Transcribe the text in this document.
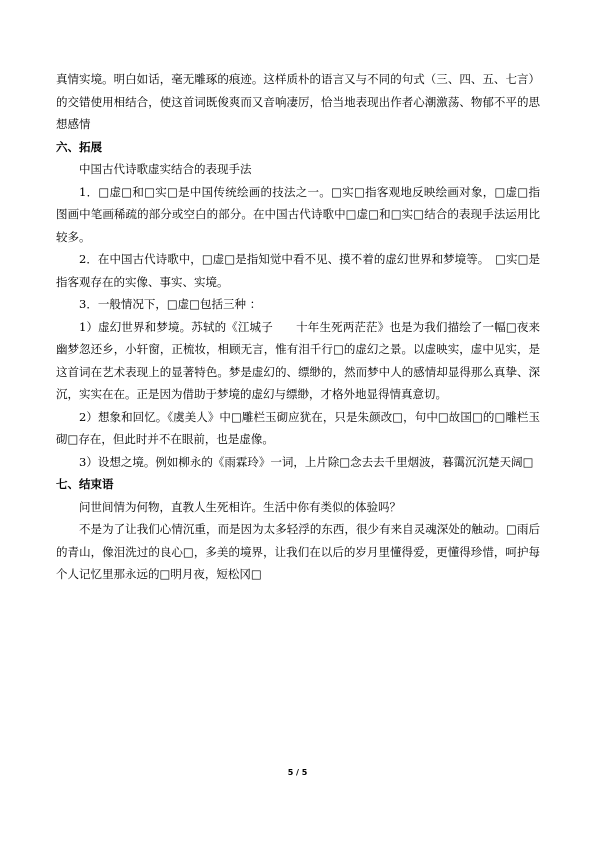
真情实境。明白如话，毫无雕琢的痕迹。这样质朴的语言又与不同的句式（三、四、五、七言）的交错使用相结合，使这首词既俊爽而又音响凄厉，恰当地表现出作者心潮激荡、物郁不平的思想感情

六、拓展

中国古代诗歌虚实结合的表现手法

1．□虚□和□实□是中国传统绘画的技法之一。□实□指客观地反映绘画对象，□虚□指图画中笔画稀疏的部分或空白的部分。在中国古代诗歌中□虚□和□实□结合的表现手法运用比较多。

2．在中国古代诗歌中，□虚□是指知觉中看不见、摸不着的虚幻世界和梦境等。　□实□是指客观存在的实像、事实、实境。

3．一般情况下，□虚□包括三种 ：

1）虚幻世界和梦境。苏轼的《江城子　　十年生死两茫茫》也是为我们描绘了一幅□夜来幽梦忽还乡，小轩窗，正梳妆，相顾无言，惟有泪千行□的虚幻之景。以虚映实，虚中见实，是这首词在艺术表现上的显著特色。梦是虚幻的、缥缈的，然而梦中人的感情却显得那么真挚、深沉，实实在在。正是因为借助于梦境的虚幻与缥缈，才格外地显得情真意切。

2）想象和回忆。《虞美人》中□雕栏玉砌应犹在，只是朱颜改□，句中□故国□的□雕栏玉砌□存在，但此时并不在眼前，也是虚像。

3）设想之境。例如柳永的《雨霖玲》一词，上片除□念去去千里烟波，暮霭沉沉楚天阔□

七、结束语

问世间情为何物，直教人生死相许。生活中你有类似的体验吗？

不是为了让我们心情沉重，而是因为太多轻浮的东西，很少有来自灵魂深处的触动。□雨后的青山，像泪洗过的良心□，多美的境界，让我们在以后的岁月里懂得爱，更懂得珍惜，呵护每个人记忆里那永远的□明月夜，短松冈□

5 / 5
